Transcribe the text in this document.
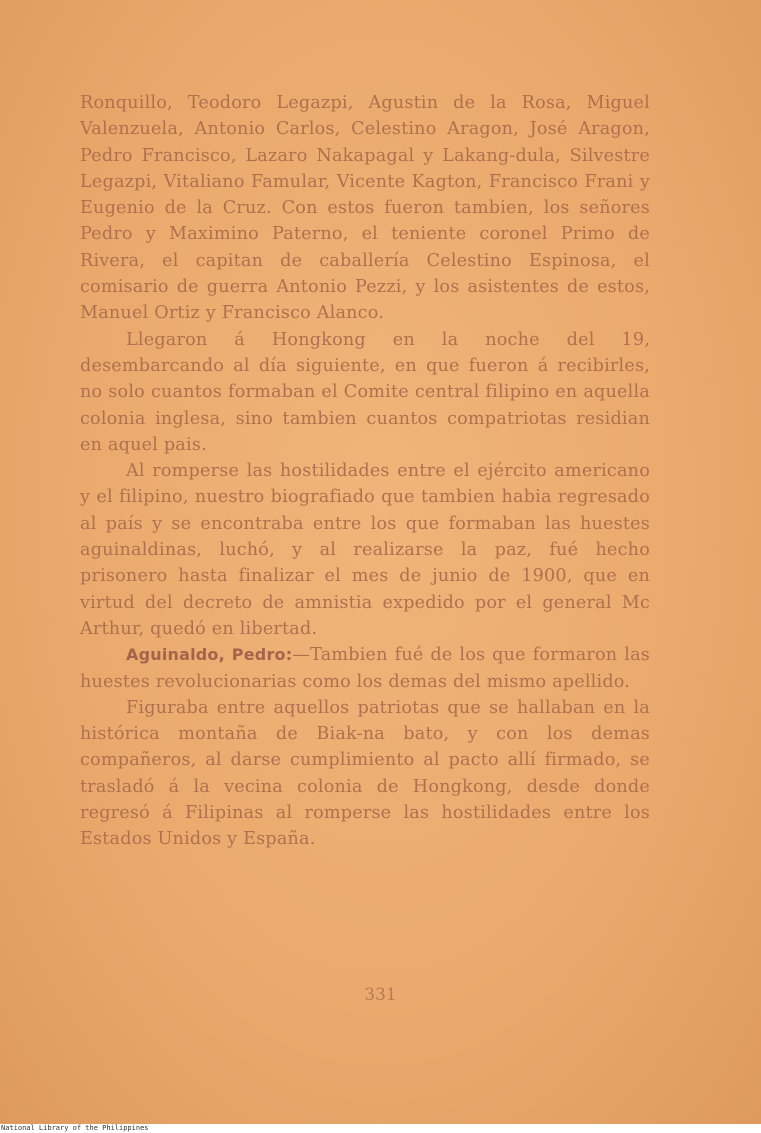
Ronquillo, Teodoro Legazpi, Agustin de la Rosa, Miguel Valenzuela, Antonio Carlos, Celestino Aragon, José Aragon, Pedro Francisco, Lazaro Nakapagal y Lakang-dula, Silvestre Legazpi, Vitaliano Famular, Vicente Kagton, Francisco Frani y Eugenio de la Cruz. Con estos fueron tambien, los señores Pedro y Maximino Paterno, el teniente coronel Primo de Rivera, el capitan de caballería Celestino Espinosa, el comisario de guerra Antonio Pezzi, y los asistentes de estos, Manuel Ortiz y Francisco Alanco.

Llegaron á Hongkong en la noche del 19, desembarcando al día siguiente, en que fueron á recibirles, no solo cuantos formaban el Comite central filipino en aquella colonia inglesa, sino tambien cuantos compatriotas residian en aquel pais.

Al romperse las hostilidades entre el ejército americano y el filipino, nuestro biografiado que tambien habia regresado al país y se encontraba entre los que formaban las huestes aguinaldinas, luchó, y al realizarse la paz, fué hecho prisonero hasta finalizar el mes de junio de 1900, que en virtud del decreto de amnistia expedido por el general Mc Arthur, quedó en libertad.

Aguinaldo, Pedro:—Tambien fué de los que formaron las huestes revolucionarias como los demas del mismo apellido.

Figuraba entre aquellos patriotas que se hallaban en la histórica montaña de Biak-na bato, y con los demas compañeros, al darse cumplimiento al pacto allí firmado, se trasladó á la vecina colonia de Hongkong, desde donde regresó á Filipinas al romperse las hostilidades entre los Estados Unidos y España.

331
National Library of the Philippines
